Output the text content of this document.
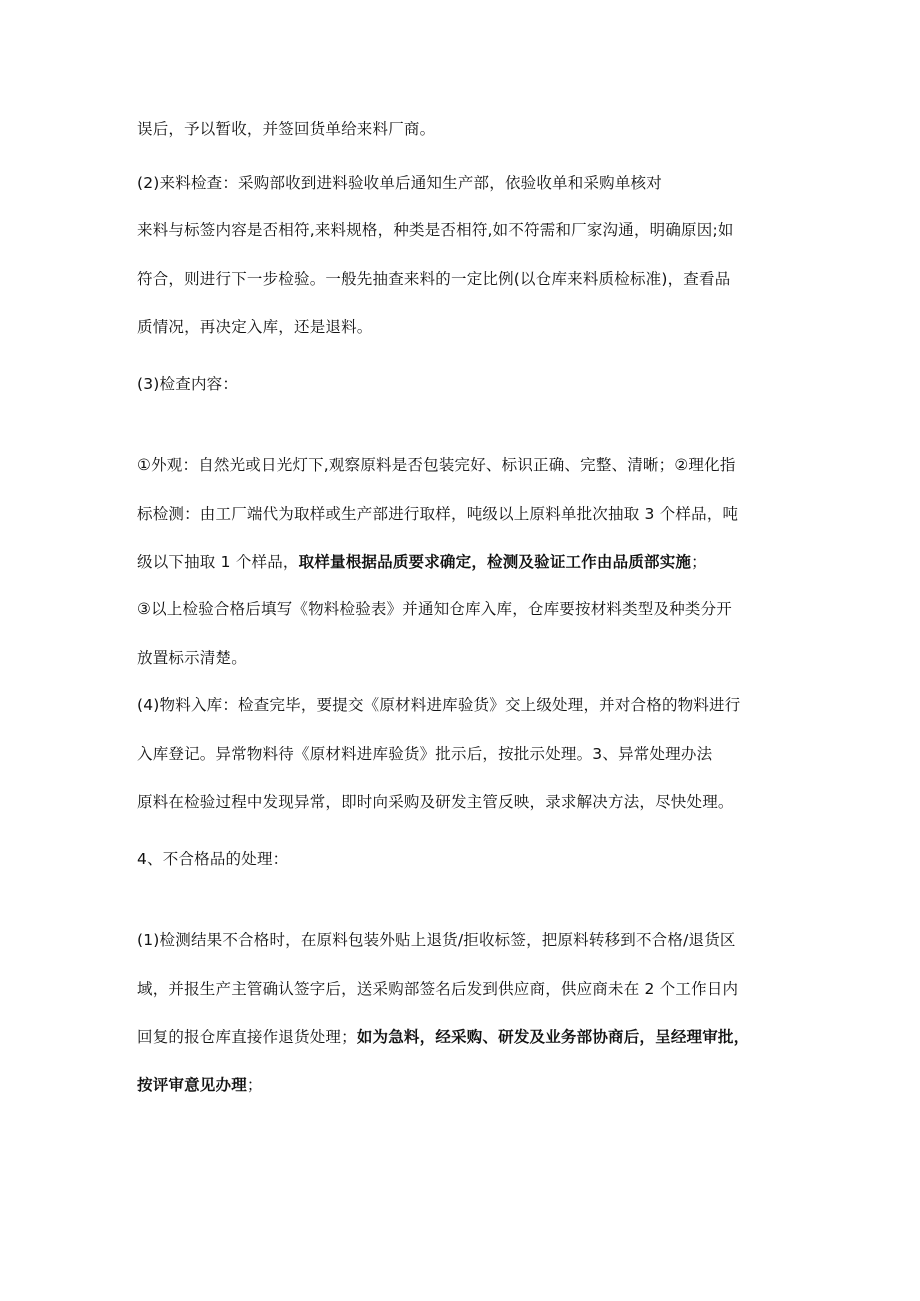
误后，予以暂收，并签回货单给来料厂商。
(2)来料检查：采购部收到进料验收单后通知生产部，依验收单和采购单核对
来料与标签内容是否相符,来料规格，种类是否相符,如不符需和厂家沟通，明确原因;如
符合，则进行下一步检验。一般先抽查来料的一定比例(以仓库来料质检标准)，查看品
质情况，再决定入库，还是退料。
(3)检查内容：
①外观：自然光或日光灯下,观察原料是否包装完好、标识正确、完整、清晰；②理化指
标检测：由工厂端代为取样或生产部进行取样，吨级以上原料单批次抽取 3 个样品，吨
级以下抽取 1 个样品，取样量根据品质要求确定，检测及验证工作由品质部实施；
③以上检验合格后填写《物料检验表》并通知仓库入库，仓库要按材料类型及种类分开
放置标示清楚。
(4)物料入库：检查完毕，要提交《原材料进库验货》交上级处理，并对合格的物料进行
入库登记。异常物料待《原材料进库验货》批示后，按批示处理。3、异常处理办法
原料在检验过程中发现异常，即时向采购及研发主管反映，录求解决方法，尽快处理。
4、不合格品的处理：
(1)检测结果不合格时，在原料包装外贴上退货/拒收标签，把原料转移到不合格/退货区
域，并报生产主管确认签字后，送采购部签名后发到供应商，供应商未在 2 个工作日内
回复的报仓库直接作退货处理；如为急料，经采购、研发及业务部协商后，呈经理审批，
按评审意见办理；
